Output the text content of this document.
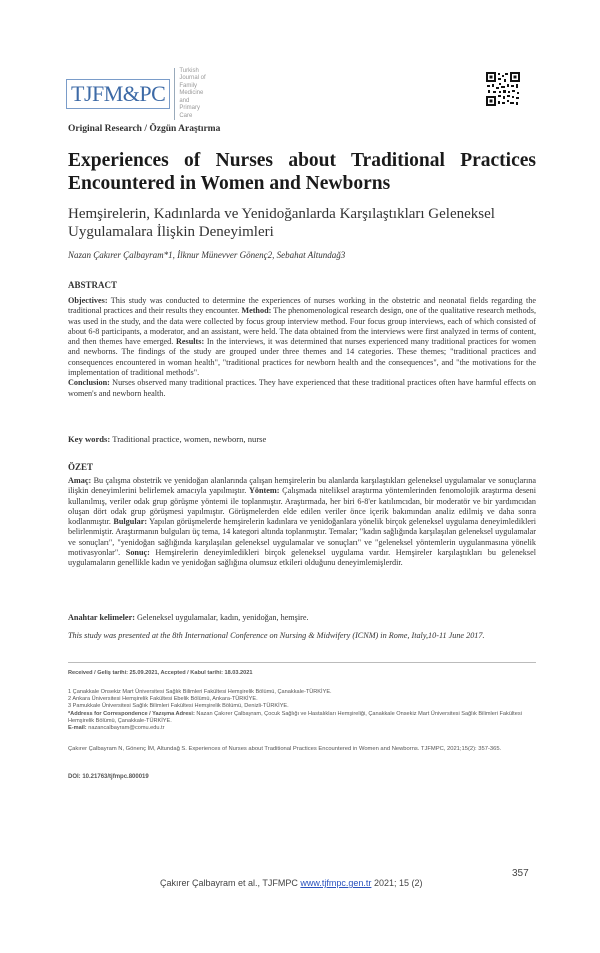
TJFM&PC
Turkish Journal of
Family Medicine and
Primary Care
Original Research / Özgün Araştırma
Experiences of Nurses about Traditional Practices Encountered in Women and Newborns
Hemşirelerin, Kadınlarda ve Yenidoğanlarda Karşılaştıkları Geleneksel Uygulamalara İlişkin Deneyimleri
Nazan Çakırer Çalbayram*1, İlknur Münevver Gönenç2, Sebahat Altundağ3
ABSTRACT

Objectives: This study was conducted to determine the experiences of nurses working in the obstetric and neonatal fields regarding the traditional practices and their results they encounter. Method: The phenomenological research design, one of the qualitative research methods, was used in the study, and the data were collected by focus group interview method. Four focus group interviews, each of which consisted of about 6-8 participants, a moderator, and an assistant, were held. The data obtained from the interviews were first analyzed in terms of content, and then themes have emerged. Results: In the interviews, it was determined that nurses experienced many traditional practices for women and newborns. The findings of the study are grouped under three themes and 14 categories. These themes; "traditional practices and consequences encountered in woman health", "traditional practices for newborn health and the consequences", and "the motivations for the implementation of traditional methods".
Conclusion: Nurses observed many traditional practices. They have experienced that these traditional practices often have harmful effects on women's and newborn health.

Key words: Traditional practice, women, newborn, nurse
ÖZET

Amaç: Bu çalışma obstetrik ve yenidoğan alanlarında çalışan hemşirelerin bu alanlarda karşılaştıkları geleneksel uygulamalar ve sonuçlarına ilişkin deneyimlerini belirlemek amacıyla yapılmıştır. Yöntem: Çalışmada niteliksel araştırma yöntemlerinden fenomolojik araştırma deseni kullanılmış, veriler odak grup görüşme yöntemi ile toplanmıştır. Araştırmada, her biri 6-8'er katılımcıdan, bir moderatör ve bir yardımcıdan oluşan dört odak grup görüşmesi yapılmıştır. Görüşmelerden elde edilen veriler önce içerik bakımından analiz edilmiş ve daha sonra kodlanmıştır. Bulgular: Yapılan görüşmelerde hemşirelerin kadınlara ve yenidoğanlara yönelik birçok geleneksel uygulama deneyimledikleri belirlenmiştir. Araştırmanın bulguları üç tema, 14 kategori altında toplanmıştır. Temalar; "kadın sağlığında karşılaşılan geleneksel uygulamalar ve sonuçları", "yenidoğan sağlığında karşılaşılan geleneksel uygulamalar ve sonuçları" ve "geleneksel yöntemlerin uygulanmasına yönelik motivasyonlar". Sonuç: Hemşirelerin deneyimledikleri birçok geleneksel uygulama vardır. Hemşireler karşılaştıkları bu geleneksel uygulamaların genellikle kadın ve yenidoğan sağlığına olumsuz etkileri olduğunu deneyimlemişlerdir.

Anahtar kelimeler: Geleneksel uygulamalar, kadın, yenidoğan, hemşire.

This study was presented at the 8th International Conference on Nursing & Midwifery (ICNM) in Rome, Italy,10-11 June 2017.

Received / Geliş tarihi: 25.09.2021, Accepted / Kabul tarihi: 18.03.2021

1 Çanakkale Onsekiz Mart Üniversitesi Sağlık Bilimleri Fakültesi Hemşirelik Bölümü, Çanakkale-TÜRKİYE.
2 Ankara Üniversitesi Hemşirelik Fakültesi Ebelik Bölümü, Ankara-TÜRKİYE.
3 Pamukkale Üniversitesi Sağlık Bilimleri Fakültesi Hemşirelik Bölümü, Denizli-TÜRKİYE.
*Address for Correspondence / Yazışma Adresi: Nazan Çakırer Çalbayram, Çocuk Sağlığı ve Hastalıkları Hemşireliği, Çanakkale Onsekiz Mart Üniversitesi Sağlık Bilimleri Fakültesi Hemşirelik Bölümü, Çanakkale-TÜRKİYE.
E-mail: nazancalbayram@comu.edu.tr

Çakırer Çalbayram N, Gönenç İM, Altundağ S. Experiences of Nurses about Traditional Practices Encountered in Women and Newborns. TJFMPC, 2021;15(2): 357-365.

DOI: 10.21763/tjfmpc.800019
357
Çakırer Çalbayram et al., TJFMPC www.tjfmpc.gen.tr 2021; 15 (2)
